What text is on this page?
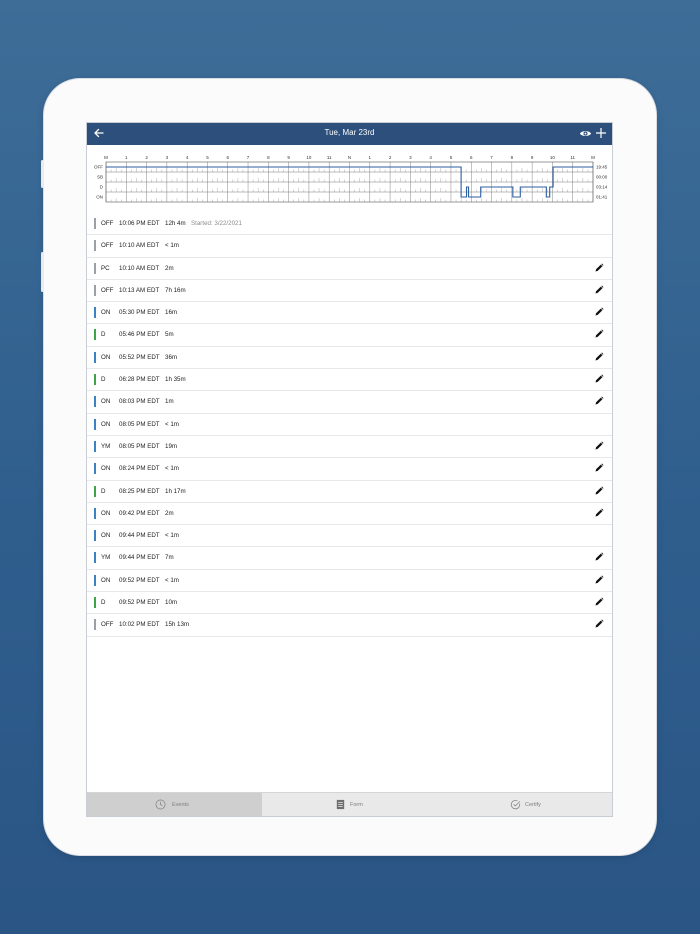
Tue, Mar 23rd
M	1	2	3	4	5	6	7	8	9	10	11	N	1	2	3	4	5	6	7	8	9	10	11	M
OFF	19:45
SB	00:00
D	03:14
ON	01:41
OFF 10:06 PM EDT 12h 4m Started: 3/22/2021
OFF 10:10 AM EDT < 1m
PC 10:10 AM EDT 2m
OFF 10:13 AM EDT 7h 16m
ON 05:30 PM EDT 16m
D 05:46 PM EDT 5m
ON 05:52 PM EDT 36m
D 06:28 PM EDT 1h 35m
ON 08:03 PM EDT 1m
ON 08:05 PM EDT < 1m
YM 08:05 PM EDT 19m
ON 08:24 PM EDT < 1m
D 08:25 PM EDT 1h 17m
ON 09:42 PM EDT 2m
ON 09:44 PM EDT < 1m
YM 09:44 PM EDT 7m
ON 09:52 PM EDT < 1m
D 09:52 PM EDT 10m
OFF 10:02 PM EDT 15h 13m
Events	Form	Certify
